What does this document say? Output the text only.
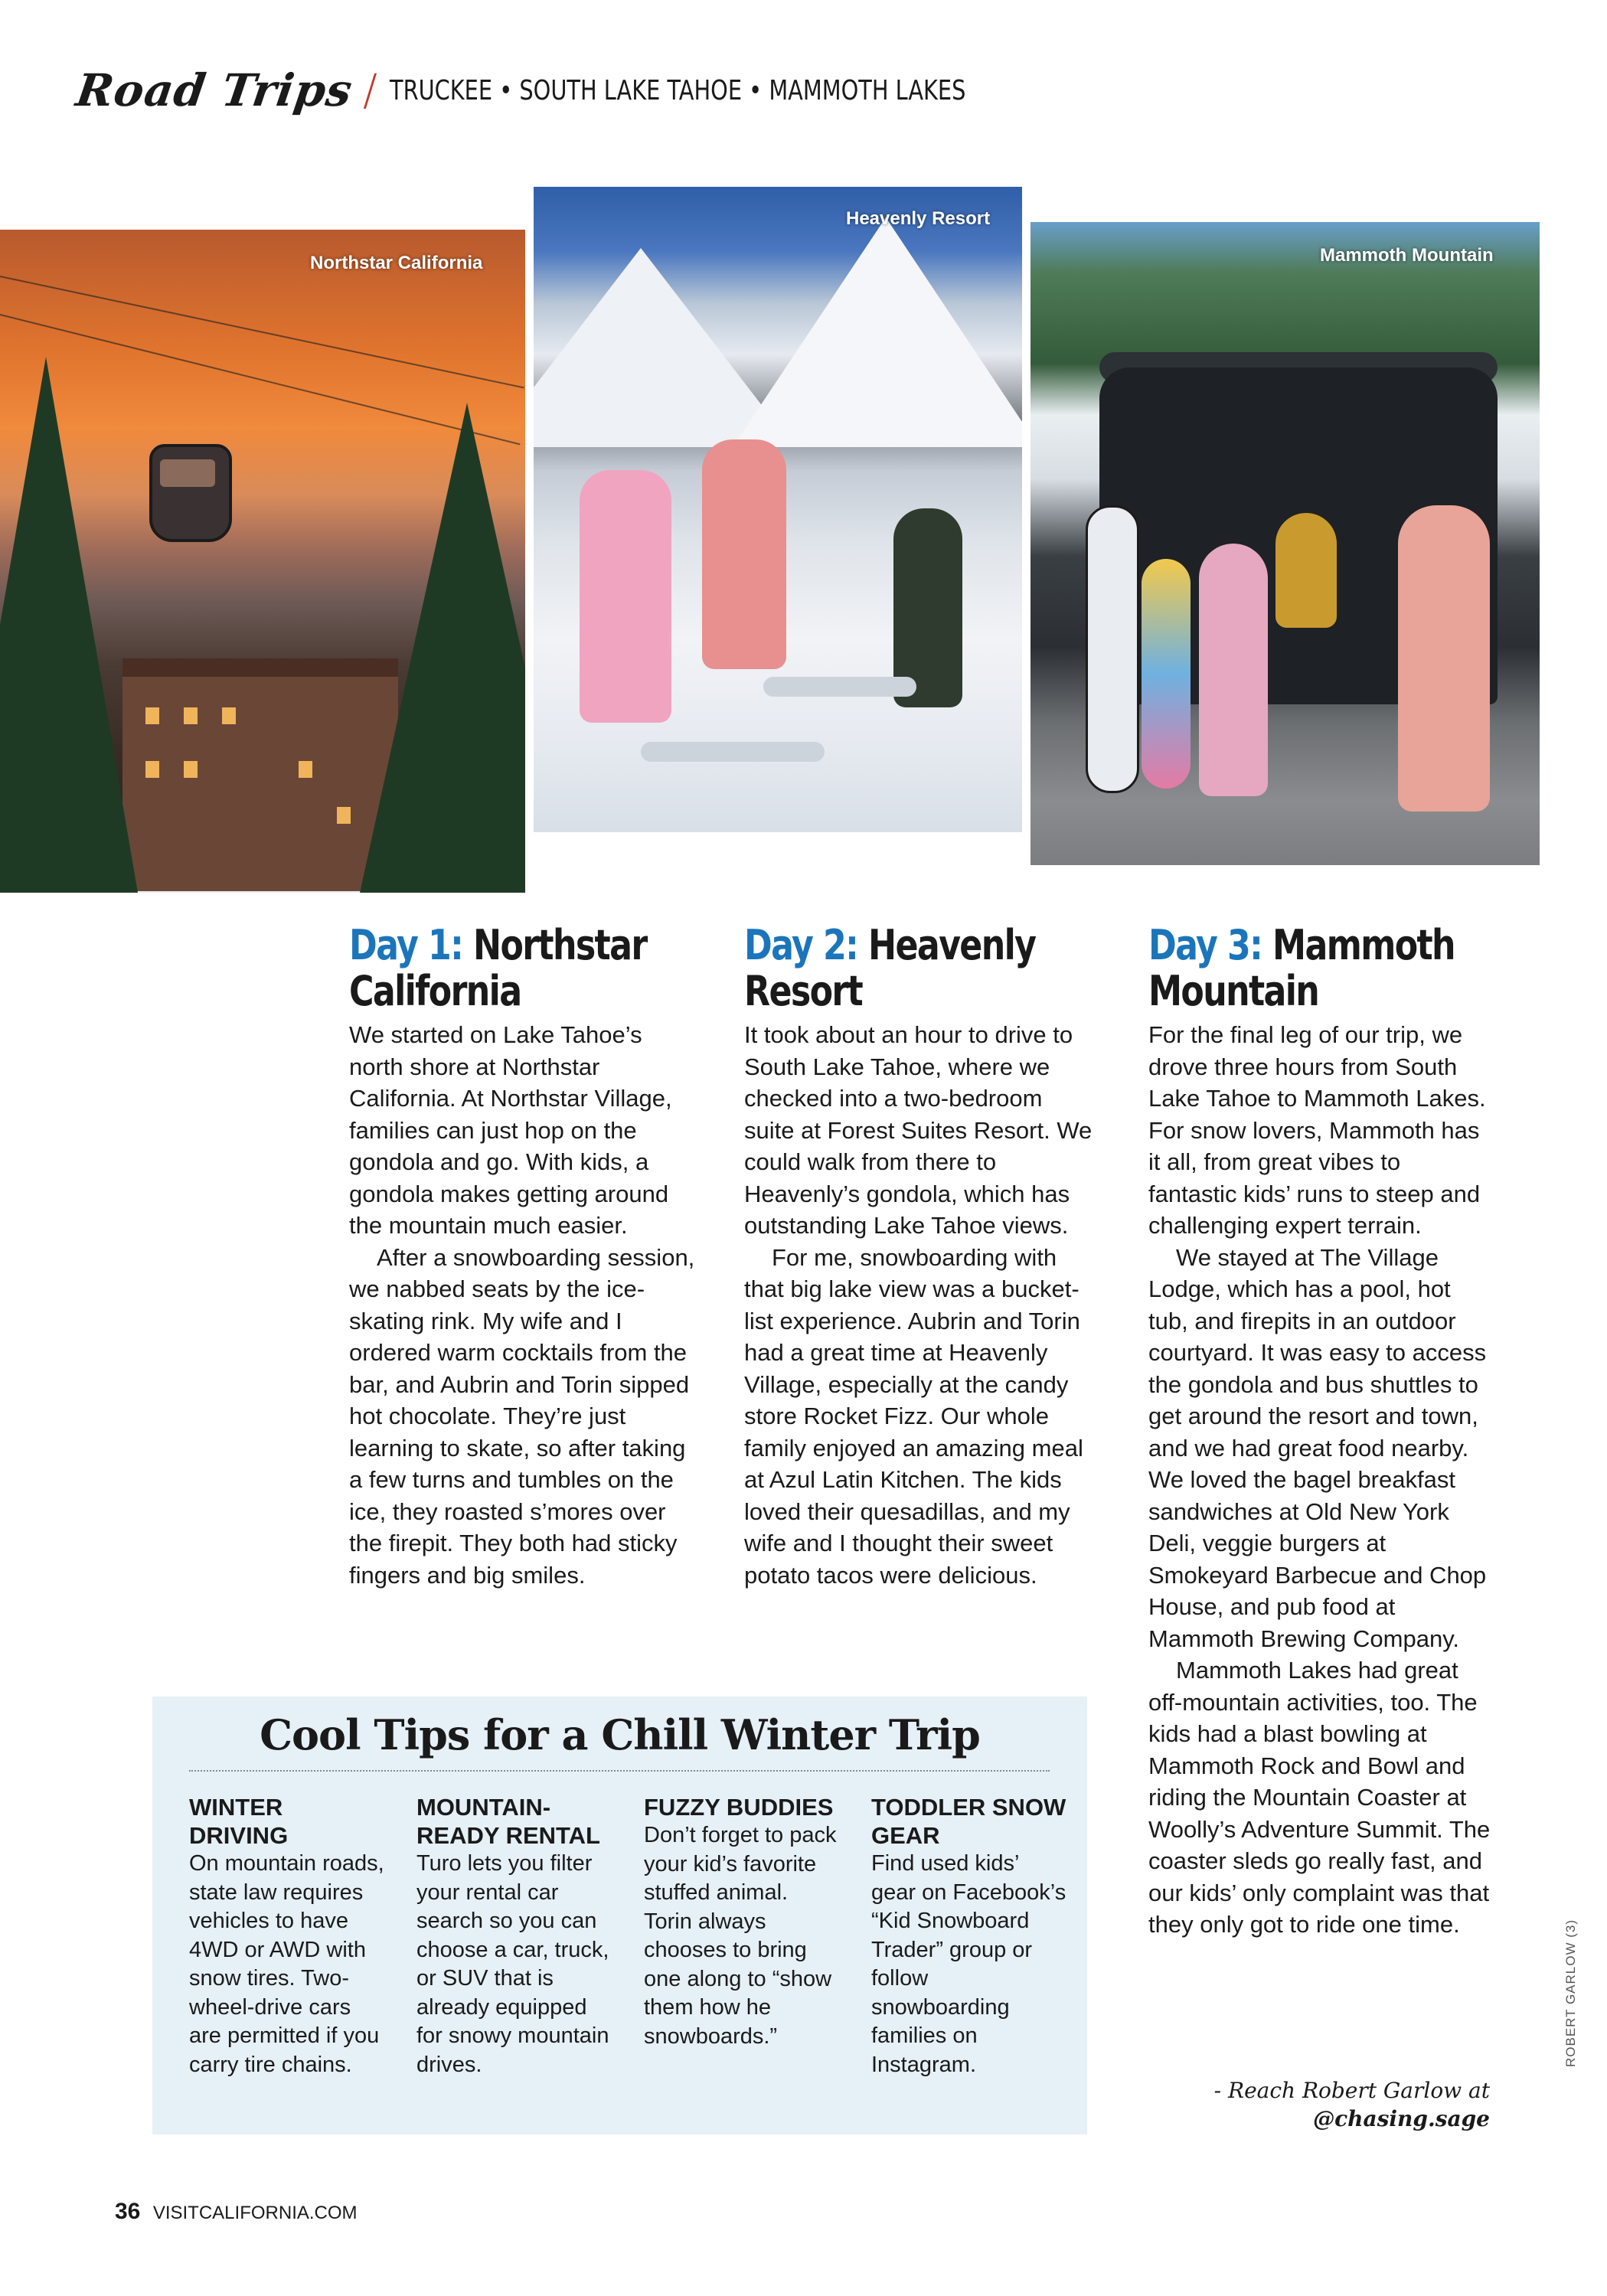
Road Trips / TRUCKEE • SOUTH LAKE TAHOE • MAMMOTH LAKES
Northstar California
Heavenly Resort
Mammoth Mountain
Day 1: Northstar
California

We started on Lake Tahoe’s north shore at Northstar California. At Northstar Village, families can just hop on the gondola and go. With kids, a gondola makes getting around the mountain much easier.

After a snowboarding session, we nabbed seats by the ice-skating rink. My wife and I ordered warm cocktails from the bar, and Aubrin and Torin sipped hot chocolate. They’re just learning to skate, so after taking a few turns and tumbles on the ice, they roasted s’mores over the firepit. They both had sticky fingers and big smiles.

Day 2: Heavenly
Resort

It took about an hour to drive to South Lake Tahoe, where we checked into a two-bedroom suite at Forest Suites Resort. We could walk from there to Heavenly’s gondola, which has outstanding Lake Tahoe views.

For me, snowboarding with that big lake view was a bucket-list experience. Aubrin and Torin had a great time at Heavenly Village, especially at the candy store Rocket Fizz. Our whole family enjoyed an amazing meal at Azul Latin Kitchen. The kids loved their quesadillas, and my wife and I thought their sweet potato tacos were delicious.

Day 3: Mammoth
Mountain

For the final leg of our trip, we drove three hours from South Lake Tahoe to Mammoth Lakes. For snow lovers, Mammoth has it all, from great vibes to fantastic kids’ runs to steep and challenging expert terrain.

We stayed at The Village Lodge, which has a pool, hot tub, and firepits in an outdoor courtyard. It was easy to access the gondola and bus shuttles to get around the resort and town, and we had great food nearby. We loved the bagel breakfast sandwiches at Old New York Deli, veggie burgers at Smokeyard Barbecue and Chop House, and pub food at Mammoth Brewing Company.

Mammoth Lakes had great off-mountain activities, too. The kids had a blast bowling at Mammoth Rock and Bowl and riding the Mountain Coaster at Woolly’s Adventure Summit. The coaster sleds go really fast, and our kids’ only complaint was that they only got to ride one time.

- Reach Robert Garlow at
@chasing.sage
Cool Tips for a Chill Winter Trip
WINTER DRIVING
On mountain roads, state law requires vehicles to have 4WD or AWD with snow tires. Two-wheel-drive cars are permitted if you carry tire chains.
MOUNTAIN-READY RENTAL
Turo lets you filter your rental car search so you can choose a car, truck, or SUV that is already equipped for snowy mountain drives.
FUZZY BUDDIES
Don’t forget to pack your kid’s favorite stuffed animal. Torin always chooses to bring one along to “show them how he snowboards.”
TODDLER SNOW GEAR
Find used kids’ gear on Facebook’s “Kid Snowboard Trader” group or follow snowboarding families on Instagram.	ROBERT GARLOW (3)
36 VISITCALIFORNIA.COM
